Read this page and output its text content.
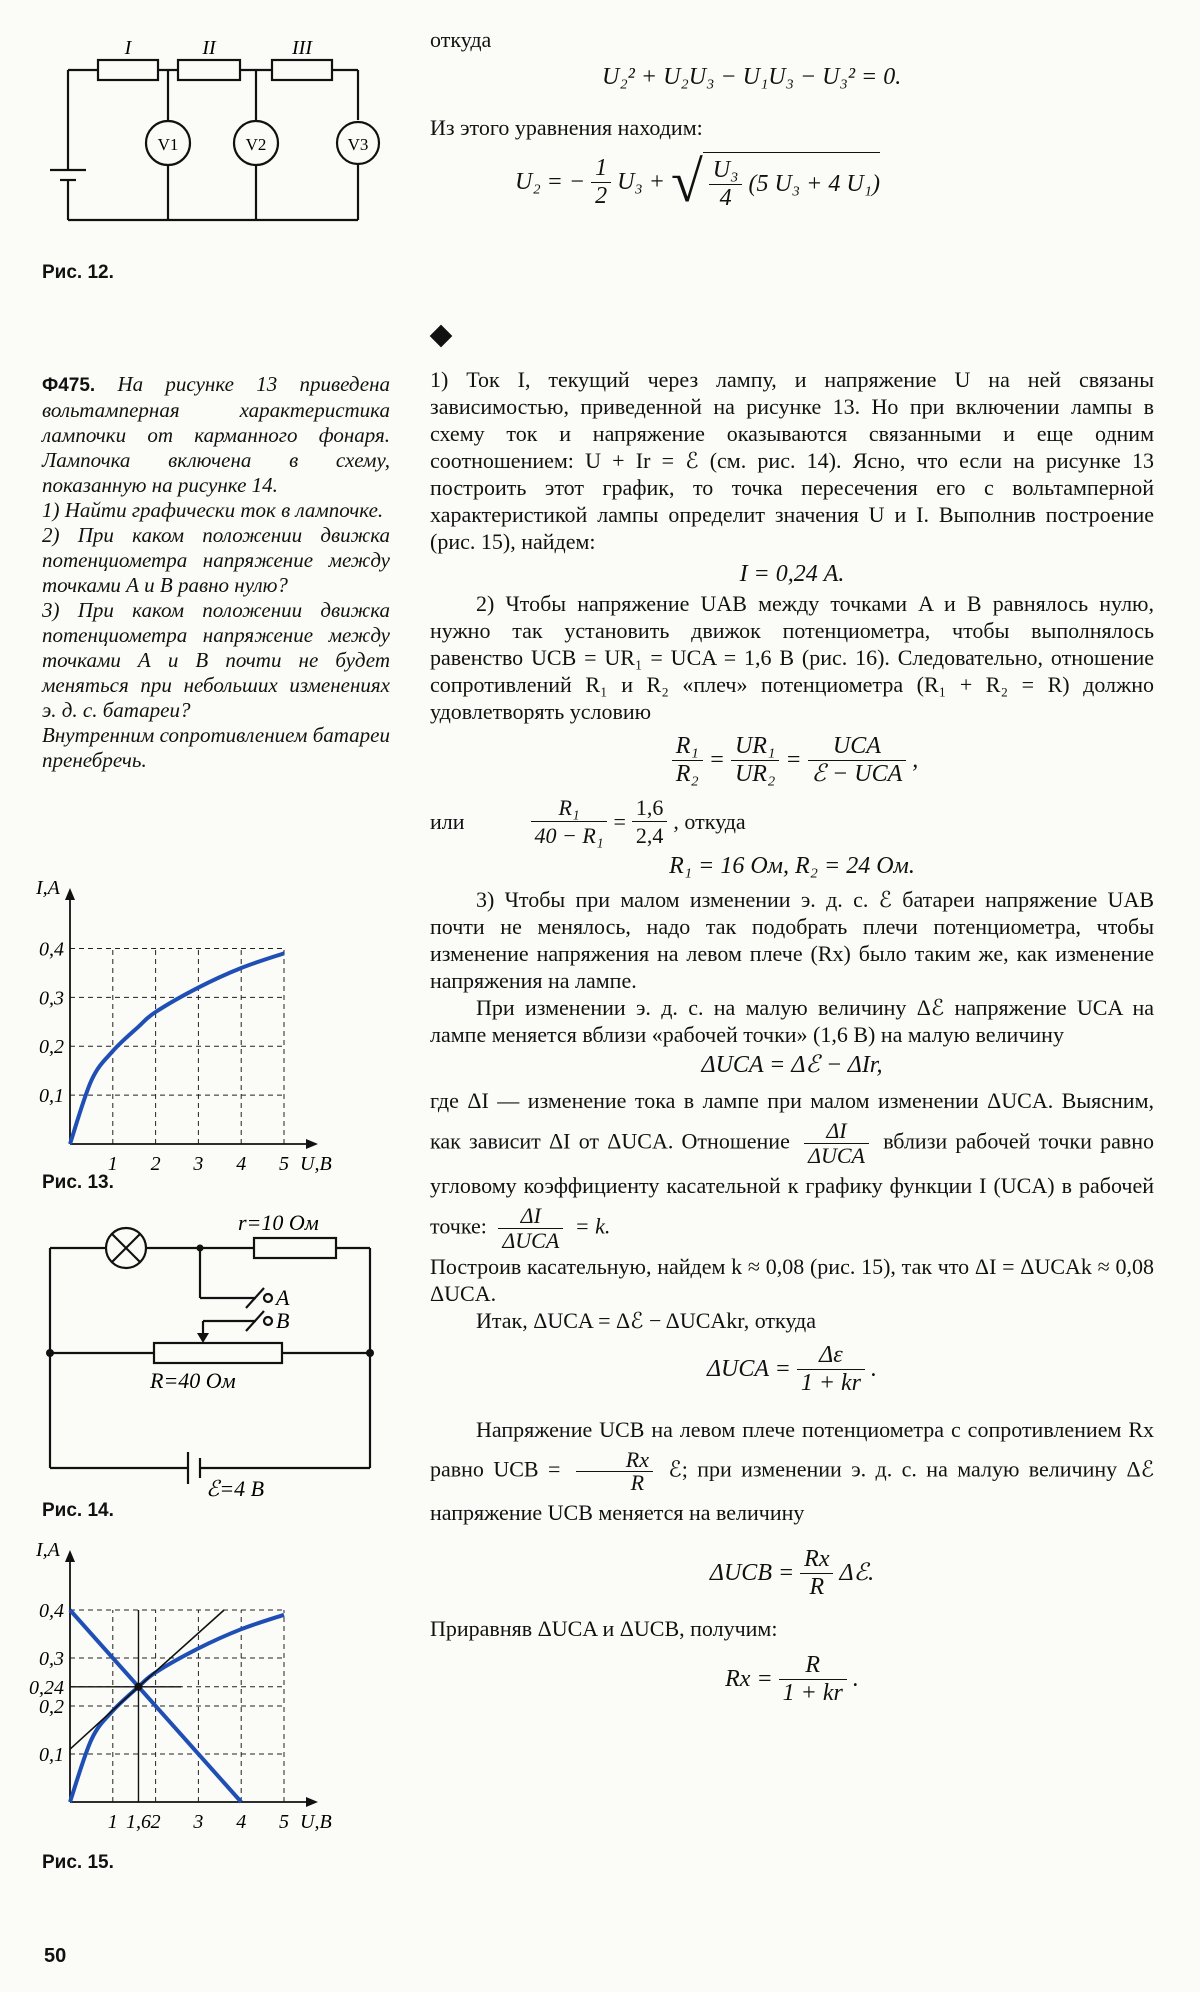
I	II	III
V1	V2	V3
Рис. 12.
откуда
U₂² + U₂U₃ − U₁U₃ − U₃² = 0.
Из этого уравнения находим:
U₂ = − $\frac{1}{2} U_3$ + √ $\frac{\text{U₃}}{4} (5$ U₃ + 4 U₁)
Ф475. На рисунке 13 приведена вольтамперная характеристика лампочки от карманного фонаря. Лампочка включена в схему, показанную на рисунке 14.
1) Найти графически ток в лампочке.
2) При каком положении движка потенциометра напряжение между точками А и В равно нулю?
3) При каком положении движка потенциометра напряжение между точками А и В почти не будет меняться при небольших изменениях э. д. с. батареи?
Внутренним сопротивлением батареи пренебречь.
1 2 3 4 5
0,4
0,3
0,2
0,1
U,B
I,A
Рис. 13.
r=10 Ом
A
B
R=40 Ом
ℰ=4 В
Рис. 14.
1 1,6 2 3 4 5
0,4
0,3
0,24
0,2
0,1
U,B
I,A
Рис. 15.
50
1) Ток I, текущий через лампу, и напряжение U на ней связаны зависимостью, приведенной на рисунке 13. Но при включении лампы в схему ток и напряжение оказываются связанными и еще одним соотношением: U + Ir = ℰ (см. рис. 14). Ясно, что если на рисунке 13 построить этот график, то точка пересечения его с вольтамперной характеристикой лампы определит значения U и I. Выполнив построение (рис. 15), найдем:
I = 0,24 А.
2) Чтобы напряжение UAB между точками A и B равнялось нулю, нужно так установить движок потенциометра, чтобы выполнялось равенство UCB = UR₁ = UCA = 1,6 В (рис. 16). Следовательно, отношение сопротивлений R₁ и R₂ «плеч» потенциометра (R₁ + R₂ = R) должно удовлетворять условию
$\frac{\text{R₁}}{\text{R₂}} = \frac{\text{UR₁}}{\text{UR₂}} = \frac{\text{UCA}}{\text{ℰ − UCA}}$ ,
или	$\frac{\text{R₁}}{\text{40 − R₁}} = \frac{1,6}{2,4}$ , откуда
R₁ = 16 Ом, R₂ = 24 Ом.
3) Чтобы при малом изменении э. д. с. ℰ батареи напряжение UAB почти не менялось, надо так подобрать плечи потенциометра, чтобы изменение напряжения на левом плече (Rx) было таким же, как изменение напряжения на лампе.
При изменении э. д. с. на малую величину Δℰ напряжение UCA на лампе меняется вблизи «рабочей точки» (1,6 В) на малую величину
ΔUCA = Δℰ − ΔIr,
где ΔI — изменение тока в лампе при малом изменении ΔUCA. Выясним, как зависит ΔI от ΔUCA. Отношение $\frac{\Delta I}{\text{ΔUCA}}$ вблизи рабочей точки равно угловому коэффициенту касательной к графику функции I (UCA) в рабочей точке: $\frac{\Delta I}{\text{ΔUCA}} = k$.
Построив касательную, найдем k ≈ 0,08 (рис. 15), так что ΔI = ΔUCAk ≈ 0,08 ΔUCA.
Итак, ΔUCA = Δℰ − ΔUCAkr, откуда
$\Delta UCA = \frac{\Delta\varepsilon}{1 + kr}$ .
Напряжение UCB на левом плече потенциометра с сопротивлением Rx равно UCB = $\frac{Rx}{R}$ ℰ; при изменении э. д. с. на малую величину Δℰ напряжение UCB меняется на величину
$\Delta UCB = \frac{Rx}{R}$ Δℰ.
Приравняв ΔUCA и ΔUCB, получим:
$Rx = \frac{R}{1 + kr}$ .
